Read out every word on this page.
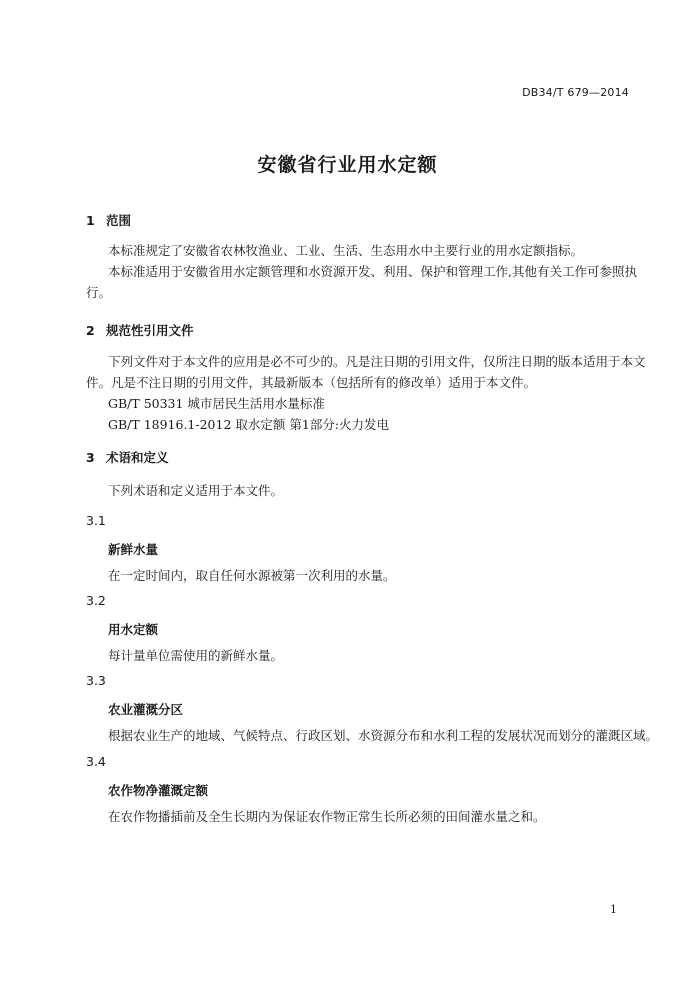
DB34/T 679—2014
安徽省行业用水定额
1 范围
本标准规定了安徽省农林牧渔业、工业、生活、生态用水中主要行业的用水定额指标。
本标准适用于安徽省用水定额管理和水资源开发、利用、保护和管理工作,其他有关工作可参照执
行。
2 规范性引用文件
下列文件对于本文件的应用是必不可少的。凡是注日期的引用文件，仅所注日期的版本适用于本文
件。凡是不注日期的引用文件，其最新版本（包括所有的修改单）适用于本文件。
GB/T 50331 城市居民生活用水量标准
GB/T 18916.1-2012 取水定额 第1部分:火力发电
3 术语和定义
下列术语和定义适用于本文件。
3.1
新鲜水量
在一定时间内，取自任何水源被第一次利用的水量。
3.2
用水定额
每计量单位需使用的新鲜水量。
3.3
农业灌溉分区
根据农业生产的地域、气候特点、行政区划、水资源分布和水利工程的发展状况而划分的灌溉区域。
3.4
农作物净灌溉定额
在农作物播插前及全生长期内为保证农作物正常生长所必须的田间灌水量之和。
1
